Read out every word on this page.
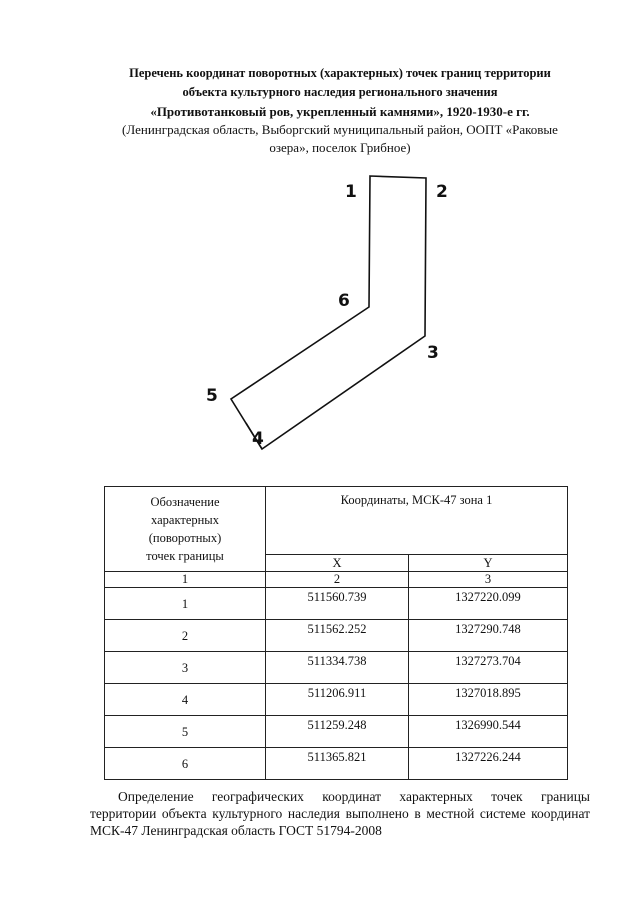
Перечень координат поворотных (характерных) точек границ территории
объекта культурного наследия регионального значения
«Противотанковый ров, укрепленный камнями», 1920-1930-е гг.
(Ленинградская область, Выборгский муниципальный район, ООПТ «Раковые
озера», поселок Грибное)
1	2
3
4
5
6
Обозначение
характерных
(поворотных)
точек границы	Координаты, МСК-47 зона 1	
	X	Y
1	2	3
1	511560.739	1327220.099
2	511562.252	1327290.748
3	511334.738	1327273.704
4	511206.911	1327018.895
5	511259.248	1326990.544
6	511365.821	1327226.244

Определение географических координат характерных точек границы

территории объекта культурного наследия выполнено в местной системе координат МСК-47 Ленинградская область ГОСТ 51794-2008
